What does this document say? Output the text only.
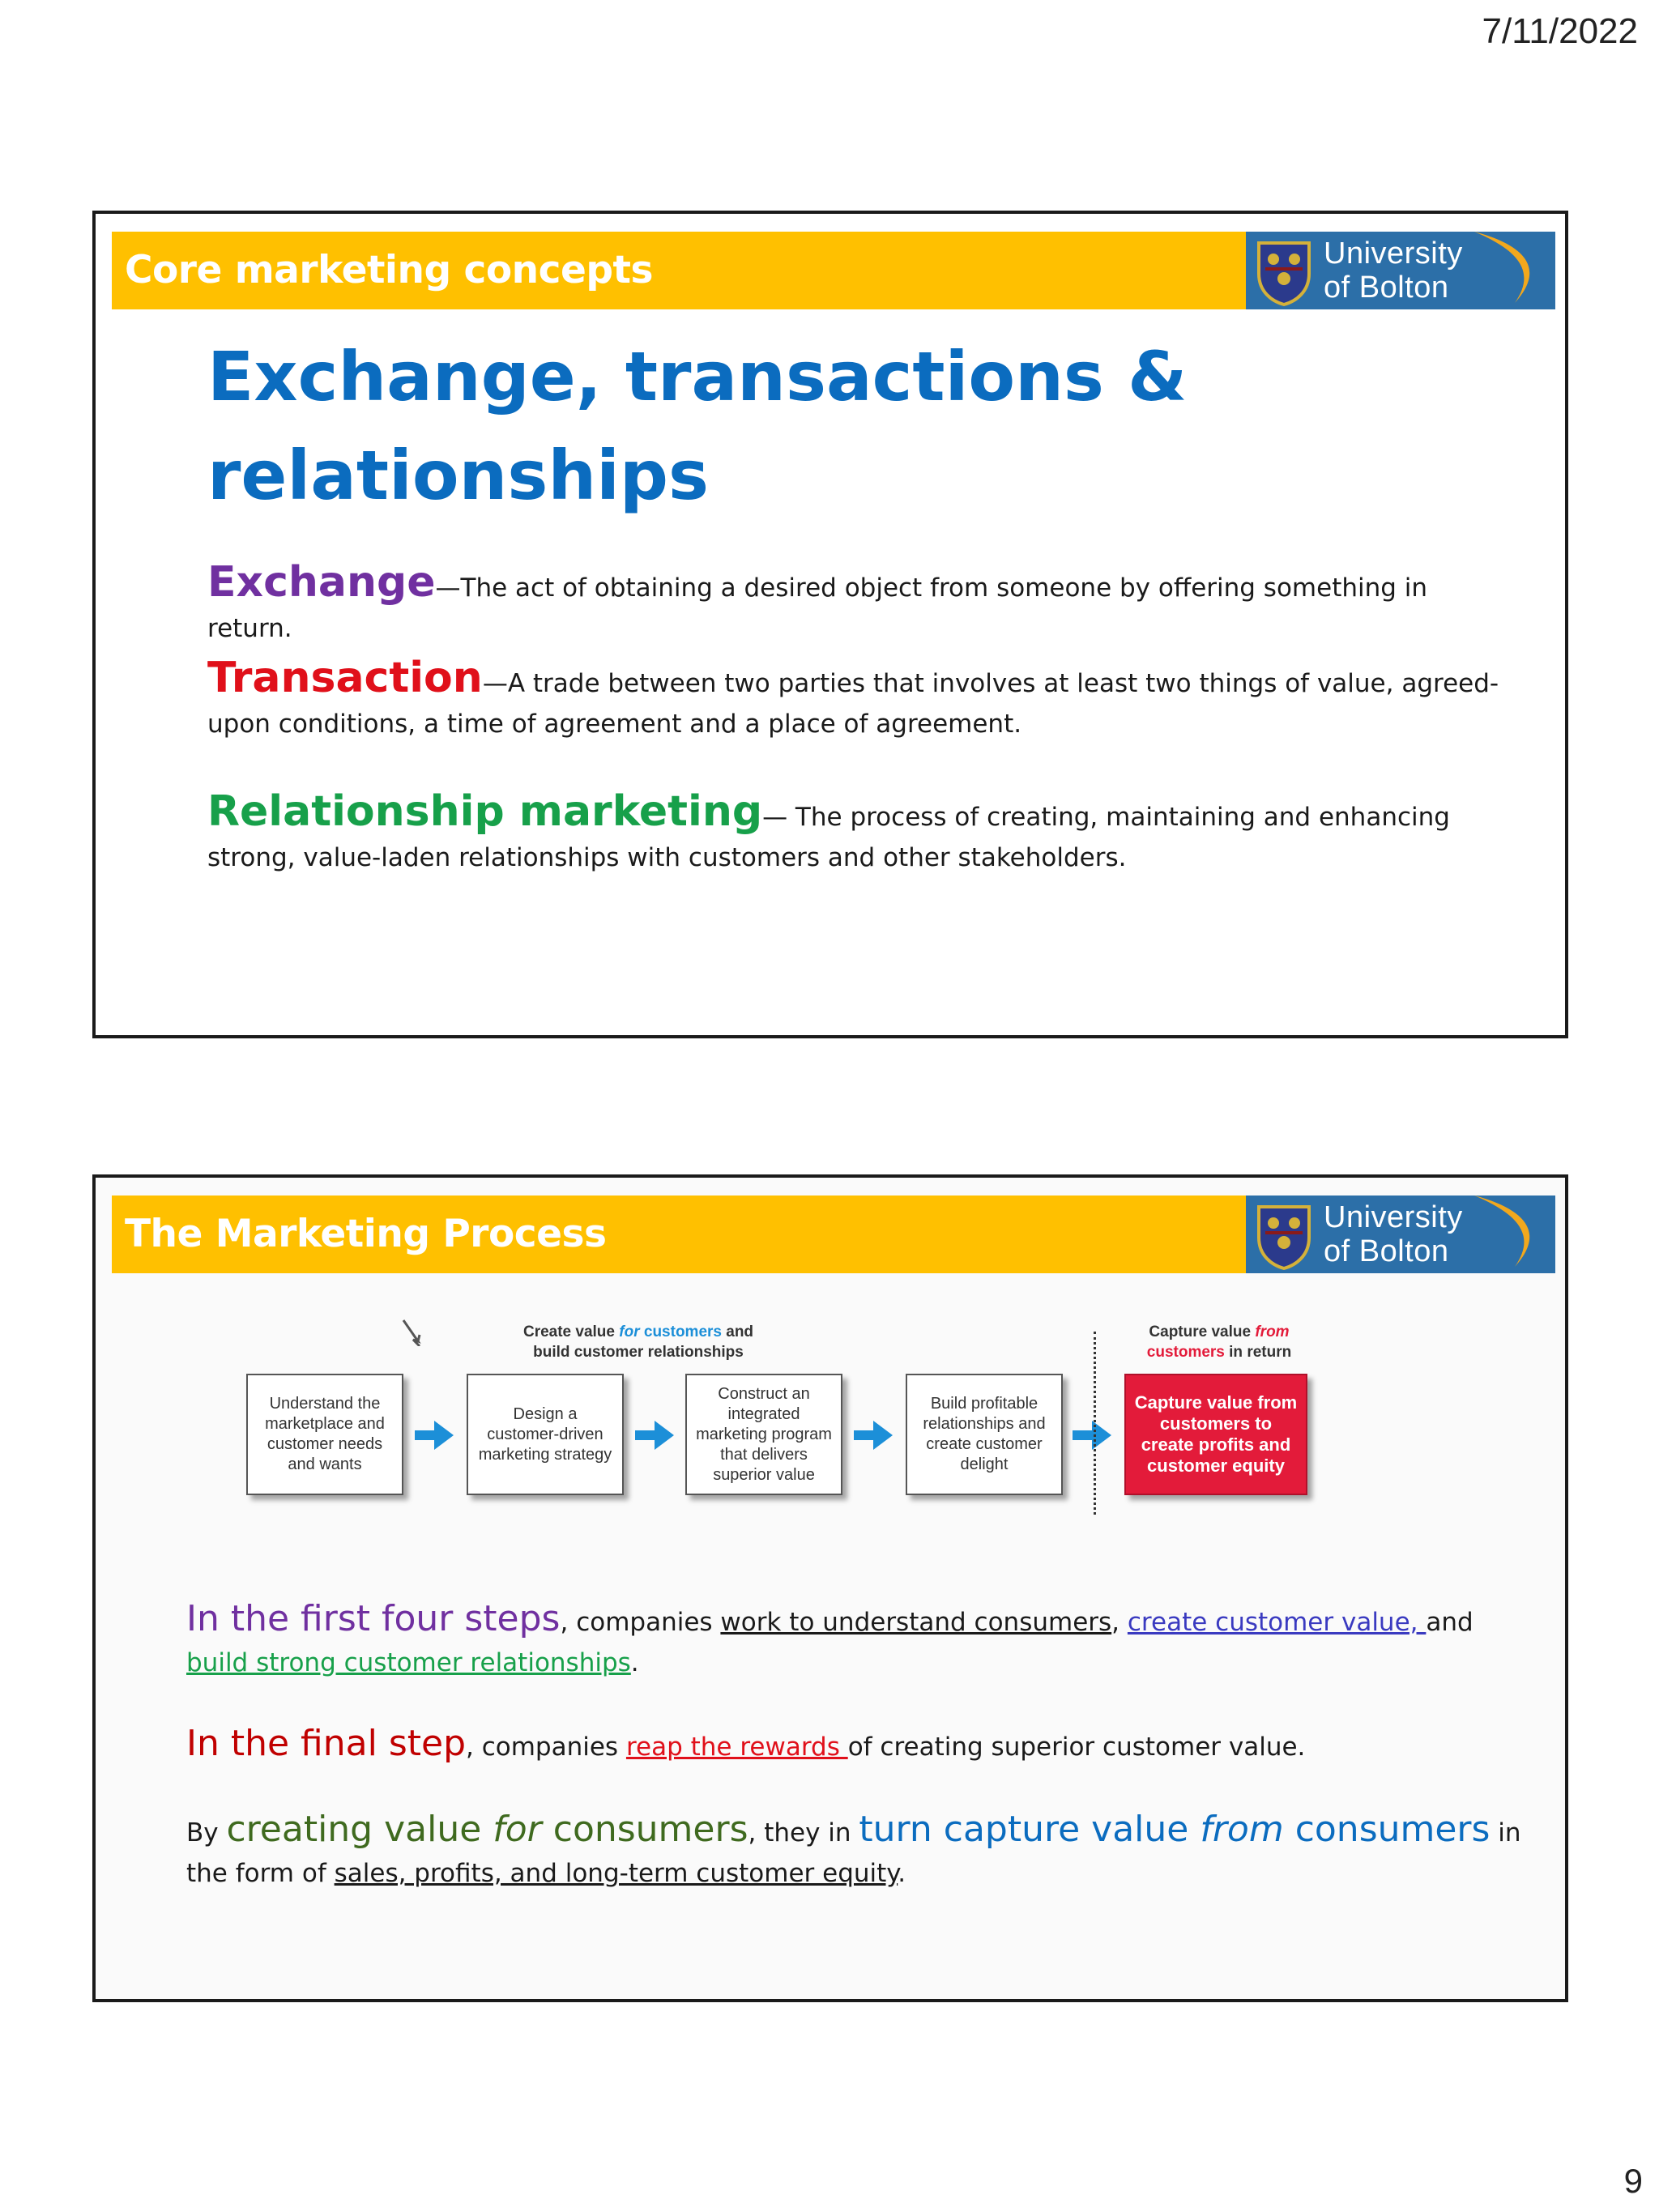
7/11/2022
Core marketing concepts	University
of Bolton
Exchange, transactions & relationships
Exchange—The act of obtaining a desired object from someone by offering something in return.
Transaction—A trade between two parties that involves at least two things of value, agreed-upon conditions, a time of agreement and a place of agreement.
Relationship marketing— The process of creating, maintaining and enhancing strong, value-laden relationships with customers and other stakeholders.
The Marketing Process	University
of Bolton
Create value for customers and
build customer relationships
Capture value from
customers in return
Understand the marketplace and customer needs and wants
Design a customer-driven marketing strategy
Construct an integrated marketing program that delivers superior value
Build profitable relationships and create customer delight
Capture value from customers to create profits and customer equity
In the first four steps, companies work to understand consumers, create customer value, and
build strong customer relationships.
In the final step, companies reap the rewards of creating superior customer value.
By creating value for consumers, they in turn capture value from consumers in the form of sales, profits, and long-term customer equity.
9
